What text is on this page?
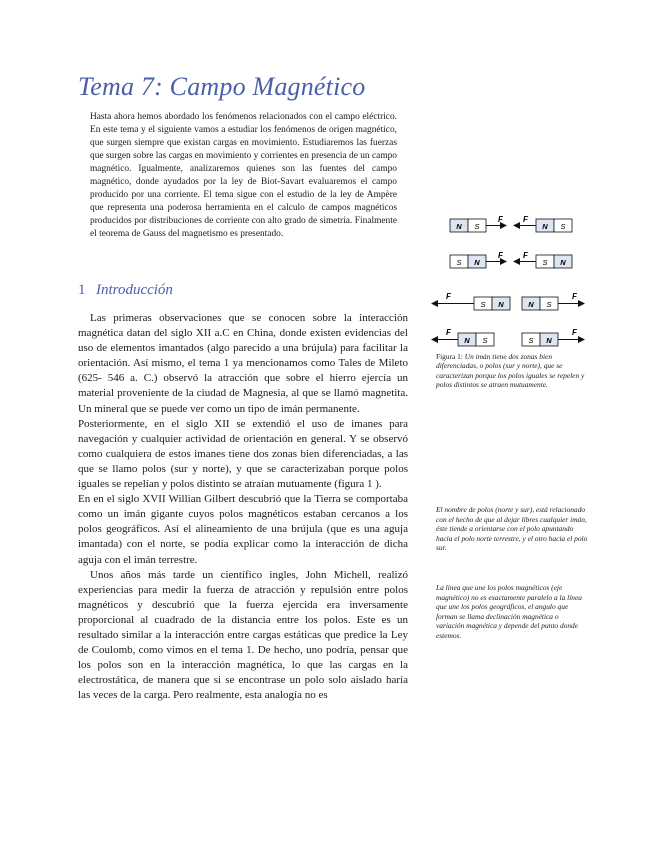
Tema 7: Campo Magnético
Hasta ahora hemos abordado los fenómenos relacionados con el campo eléctrico. En este tema y el siguiente vamos a estudiar los fenómenos de origen magnético, que surgen siempre que existan cargas en movimiento. Estudiaremos las fuerzas que surgen sobre las cargas en movimiento y corrientes en presencia de un campo magnético. Igualmente, analizaremos quienes son las fuentes del campo magnético, donde ayudados por la ley de Biot-Savart evaluaremos el campo producido por una corriente. El tema sigue con el estudio de la ley de Ampère que representa una poderosa herramienta en el calculo de campos magnéticos producidos por distribuciones de corriente con alto grado de simetría. Finalmente el teorema de Gauss del magnetismo es presentado.
N S
F	F
N S
S N
F	F
S N
F
S N	N S
F
F
N S	S N
F
Figura 1: Un imán tiene dos zonas bien diferenciadas, o polos (sur y norte), que se caracterizan porque los polos iguales se repelen y polos distintos se atraen mutuamente.
1 Introducción

Las primeras observaciones que se conocen sobre la interacción magnética datan del siglo XII a.C en China, donde existen evidencias del uso de elementos imantados (algo parecido a una brújula) para facilitar la orientación. Así mismo, el tema 1 ya mencionamos como Tales de Mileto (625- 546 a. C.) observó la atracción que sobre el hierro ejercía un material proveniente de la ciudad de Magnesia, al que se llamó magnetita. Un mineral que se puede ver como un tipo de imán permanente.

Posteriormente, en el siglo XII se extendió el uso de imanes para navegación y cualquier actividad de orientación en general. Y se observó como cualquiera de estos imanes tiene dos zonas bien diferenciadas, a las que se llamo polos (sur y norte), y que se caracterizaban porque polos iguales se repelían y polos distinto se atraían mutuamente (figura 1 ).

En en el siglo XVII Willian Gilbert descubrió que la Tierra se comportaba como un imán gigante cuyos polos magnéticos estaban cercanos a los polos geográficos. Así el alineamiento de una brújula (que es una aguja imantada) con el norte, se podía explicar como la interacción de dicha aguja con el imán terrestre.

Unos años más tarde un científico ingles, John Michell, realizó experiencias para medir la fuerza de atracción y repulsión entre polos magnéticos y descubrió que la fuerza ejercida era inversamente proporcional al cuadrado de la distancia entre los polos. Este es un resultado similar a la interacción entre cargas estáticas que predice la Ley de Coulomb, como vimos en el tema 1. De hecho, uno podría, pensar que los polos son en la interacción magnética, lo que las cargas en la electrostática, de manera que si se encontrase un polo solo aislado haría las veces de la carga. Pero realmente, esta analogía no es

El nombre de polos (norte y sur), está relacionado con el hecho de que al dejar libres cualquier imán, éste tiende a orientarse con el polo apuntando hacia el polo norte terrestre, y el otro hacia el polo sur.
La línea que une los polos magnéticos (eje magnético) no es exactamente paralelo a la línea que une los polos geográficos, el angulo que forman se llama declinación magnética o variación magnética y depende del punto donde estemos.
